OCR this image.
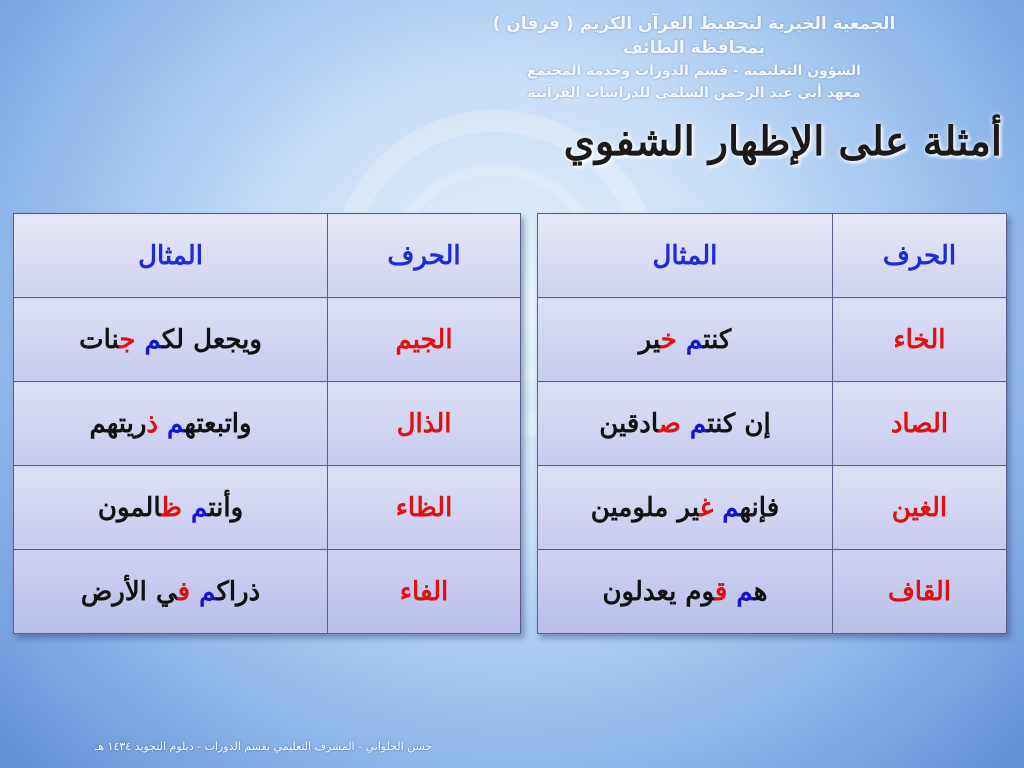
الجمعية الخيرية لتحفيظ القرآن الكريم ( فرقان ) بمحافظة الطائف
الشؤون التعليمية - قسم الدورات وخدمة المجتمع
معهد أبي عبد الرحمن السلمي للدراسات القرآنية
أمثلة على الإظهار الشفوي
الحرف	المثال
الخاء	كنتم خير
الصاد	إن كنتم صادقين
الغين	فإنهم غير ملومين
القاف	هم قوم يعدلون
الحرف	المثال
الجيم	ويجعل لكم جنات
الذال	واتبعتهم ذريتهم
الظاء	وأنتم ظالمون
الفاء	ذراكم في الأرض
حسن الحلواني - المشرف التعليمي بقسم الدورات - دبلوم التجويد ١٤٣٤ هـ
